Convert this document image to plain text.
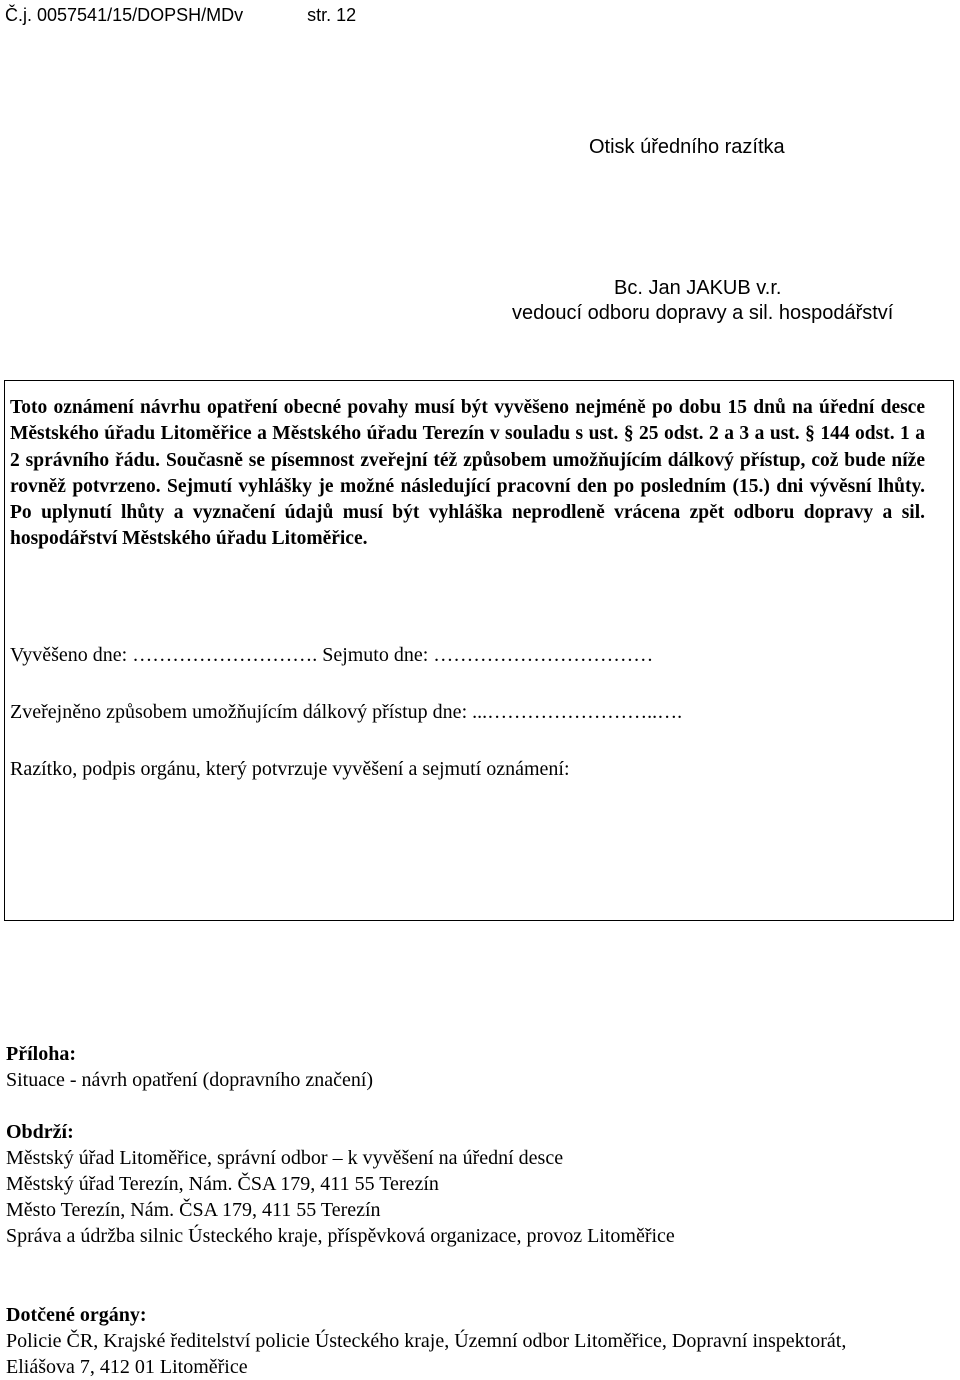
Č.j. 0057541/15/DOPSH/MDv	str. 12
Otisk úředního razítka
Bc. Jan JAKUB v.r.
vedoucí odboru dopravy a sil. hospodářství
Toto oznámení návrhu opatření obecné povahy musí být vyvěšeno nejméně po dobu 15 dnů na úřední desce Městského úřadu Litoměřice a Městského úřadu Terezín v souladu s ust. § 25 odst. 2 a 3 a ust. § 144 odst. 1 a 2 správního řádu. Současně se písemnost zveřejní též způsobem umožňujícím dálkový přístup, což bude níže rovněž potvrzeno. Sejmutí vyhlášky je možné následující pracovní den po posledním (15.) dni vývěsní lhůty. Po uplynutí lhůty a vyznačení údajů musí být vyhláška neprodleně vrácena zpět odboru dopravy a sil. hospodářství Městského úřadu Litoměřice.
Vyvěšeno dne: ………………………. Sejmuto dne: ……………………………
Zveřejněno způsobem umožňujícím dálkový přístup dne: ...……………………..….
Razítko, podpis orgánu, který potvrzuje vyvěšení a sejmutí oznámení:
Příloha:
Situace - návrh opatření (dopravního značení)
Obdrží:
Městský úřad Litoměřice, správní odbor – k vyvěšení na úřední desce
Městský úřad Terezín, Nám. ČSA 179, 411 55 Terezín
Město Terezín, Nám. ČSA 179, 411 55 Terezín
Správa a údržba silnic Ústeckého kraje, příspěvková organizace, provoz Litoměřice
Dotčené orgány:
Policie ČR, Krajské ředitelství policie Ústeckého kraje, Územní odbor Litoměřice, Dopravní inspektorát,
Eliášova 7, 412 01 Litoměřice
